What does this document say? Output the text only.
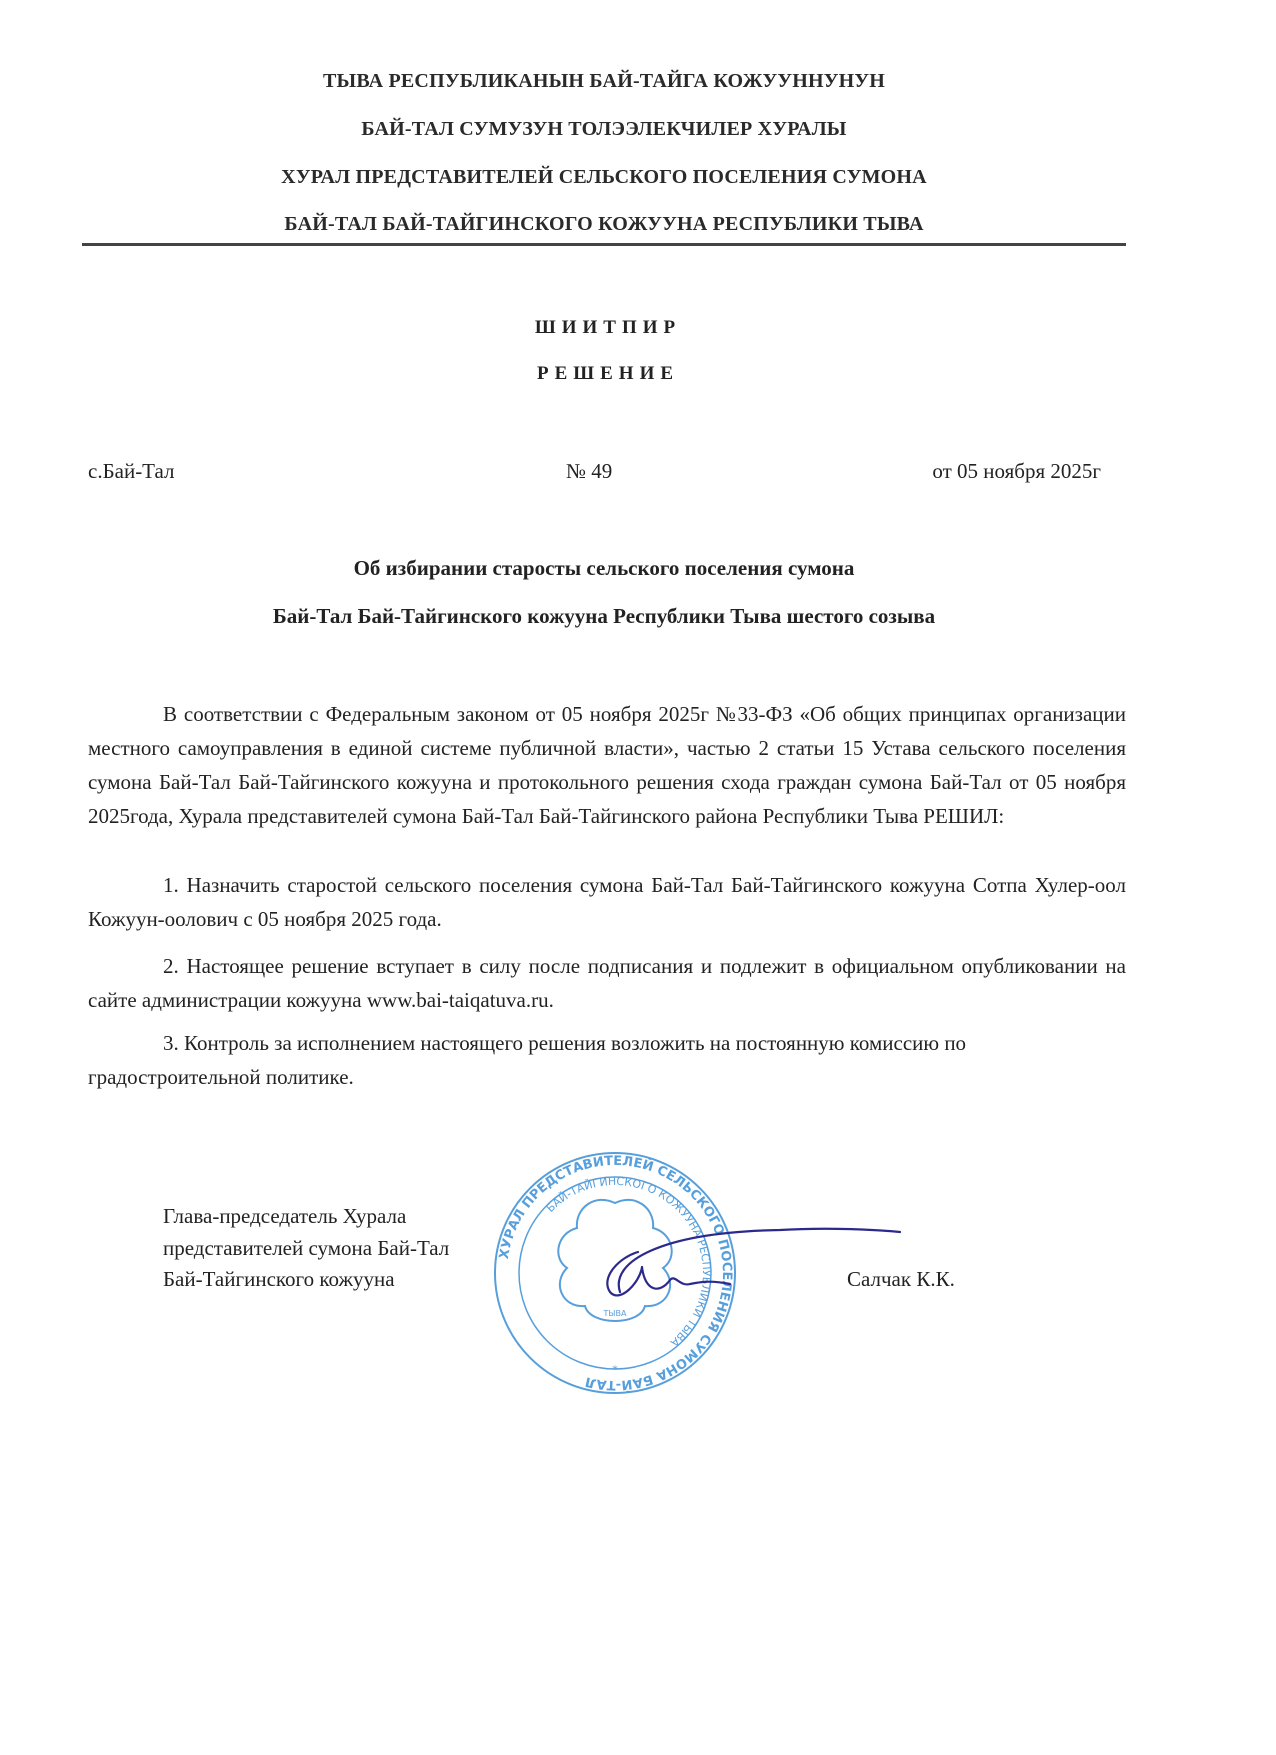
ТЫВА РЕСПУБЛИКАНЫН БАЙ-ТАЙГА КОЖУУННУНУН
БАЙ-ТАЛ СУМУЗУН ТОЛЭЭЛЕКЧИЛЕР ХУРАЛЫ
ХУРАЛ ПРЕДСТАВИТЕЛЕЙ СЕЛЬСКОГО ПОСЕЛЕНИЯ СУМОНА
БАЙ-ТАЛ БАЙ-ТАЙГИНСКОГО КОЖУУНА РЕСПУБЛИКИ ТЫВА
ШИИТПИР
РЕШЕНИЕ
с.Бай-Тал	№ 49	от 05 ноября 2025г
Об избирании старосты сельского поселения сумона
Бай-Тал Бай-Тайгинского кожууна Республики Тыва шестого созыва

В соответствии с Федеральным законом от 05 ноября 2025г №33-ФЗ «Об общих принципах организации местного самоуправления в единой системе публичной власти», частью 2 статьи 15 Устава сельского поселения сумона Бай-Тал Бай-Тайгинского кожууна и протокольного решения схода граждан сумона Бай-Тал от 05 ноября 2025года, Хурала представителей сумона Бай-Тал Бай-Тайгинского района Республики Тыва РЕШИЛ:

1. Назначить старостой сельского поселения сумона Бай-Тал Бай-Тайгинского кожууна Сотпа Хулер-оол Кожуун-оолович с 05 ноября 2025 года.

2. Настоящее решение вступает в силу после подписания и подлежит в официальном опубликовании на сайте администрации кожууна www.bai-taiqatuva.ru.

3. Контроль за исполнением настоящего решения возложить на постоянную комиссию по градостроительной политике.

Глава-председатель Хурала
представителей сумона Бай-Тал
Бай-Тайгинского кожууна	Салчак К.К.
ХУРАЛ ПРЕДСТАВИТЕЛЕЙ СЕЛЬСКОГО ПОСЕЛЕНИЯ СУМОНА БАЙ-ТАЛ
БАЙ-ТАЙГИНСКОГО КОЖУУНА РЕСПУБЛИКИ ТЫВА
ТЫВА
*
